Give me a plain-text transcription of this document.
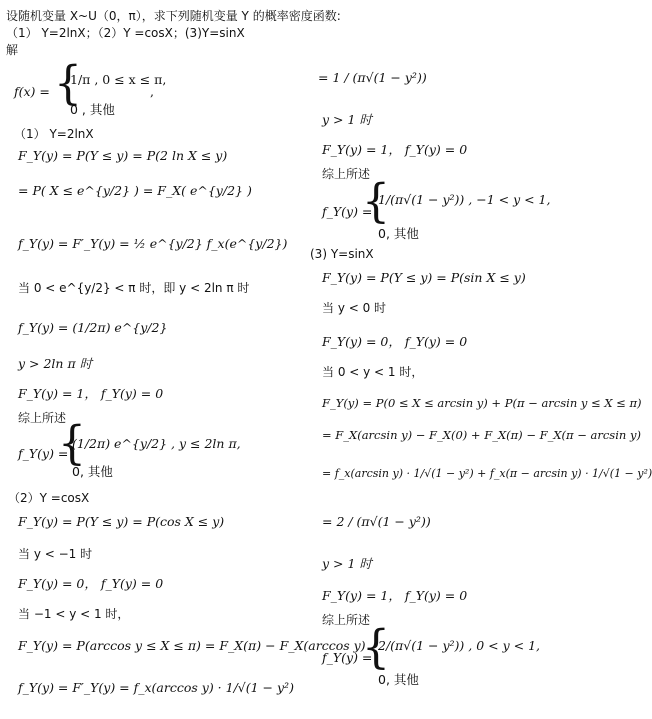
设随机变量 X~U（0，π），求下列随机变量 Y 的概率密度函数:
（1） Y=2lnX；（2）Y =cosX；(3)Y=sinX
解
f(x) = {
1/π , 0 ≤ x ≤ π,
0 , 其他
,
（1） Y=2lnX
F_Y(y) = P(Y ≤ y) = P(2 ln X ≤ y)
= P( X ≤ e^{y/2} ) = F_X( e^{y/2} )
f_Y(y) = F′_Y(y) = ½ e^{y/2} f_x(e^{y/2})
当 0 < e^{y/2} < π 时，即 y < 2ln π 时
f_Y(y) = (1/2π) e^{y/2}
y > 2ln π 时
F_Y(y) = 1， f_Y(y) = 0
综上所述
f_Y(y) =
{
(1/2π) e^{y/2} , y ≤ 2ln π,
0, 其他
（2）Y =cosX
F_Y(y) = P(Y ≤ y) = P(cos X ≤ y)
当 y < −1 时
F_Y(y) = 0， f_Y(y) = 0
当 −1 < y < 1 时，
F_Y(y) = P(arccos y ≤ X ≤ π) = F_X(π) − F_X(arccos y)
f_Y(y) = F′_Y(y) = f_x(arccos y) · 1/√(1 − y²)
= 1 / (π√(1 − y²))
y > 1 时
F_Y(y) = 1， f_Y(y) = 0
综上所述
f_Y(y) =
{
1/(π√(1 − y²)) , −1 < y < 1,
0, 其他
(3) Y=sinX
F_Y(y) = P(Y ≤ y) = P(sin X ≤ y)
当 y < 0 时
F_Y(y) = 0， f_Y(y) = 0
当 0 < y < 1 时，
F_Y(y) = P(0 ≤ X ≤ arcsin y) + P(π − arcsin y ≤ X ≤ π)
= F_X(arcsin y) − F_X(0) + F_X(π) − F_X(π − arcsin y)
= f_x(arcsin y) · 1/√(1 − y²) + f_x(π − arcsin y) · 1/√(1 − y²)
= 2 / (π√(1 − y²))
y > 1 时
F_Y(y) = 1， f_Y(y) = 0
综上所述
f_Y(y) =
{
2/(π√(1 − y²)) , 0 < y < 1,
0, 其他
